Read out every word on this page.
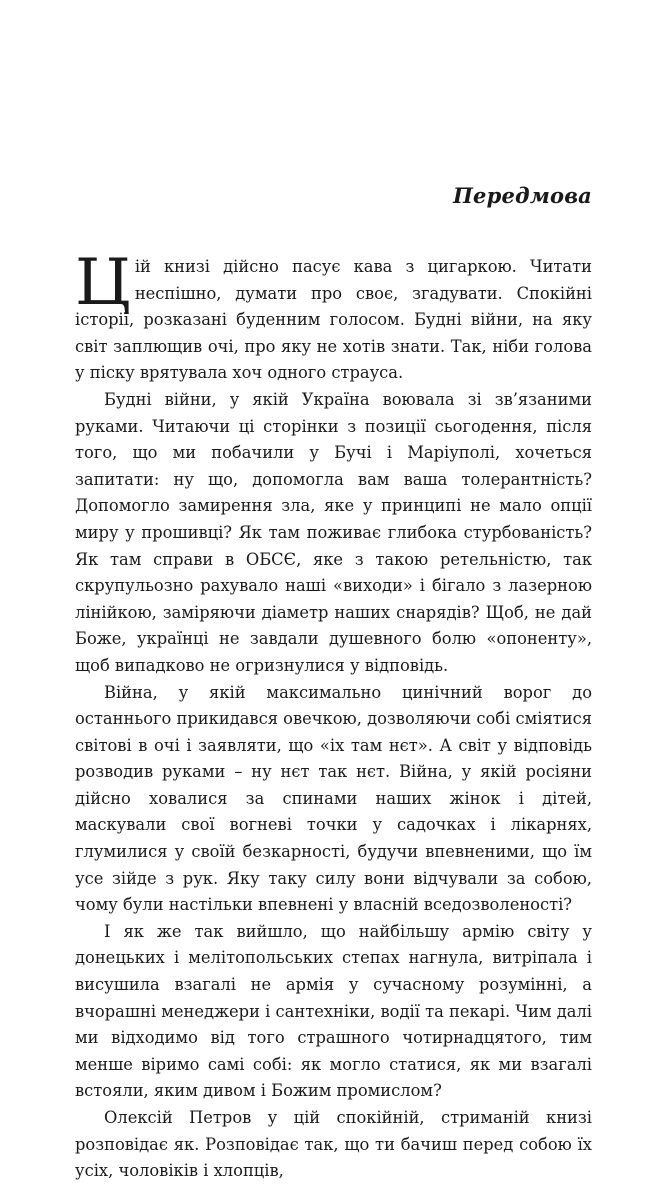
Передмова

Цій книзі дійсно пасує кава з цигаркою. Читати неспішно, думати про своє, згадувати. Спокійні історії, розказані буденним голосом. Будні війни, на яку світ заплющив очі, про яку не хотів знати. Так, ніби голова у піску врятувала хоч одного страуса.

Будні війни, у якій Україна воювала зі зв’язаними руками. Читаючи ці сторінки з позиції сьогодення, після того, що ми побачили у Бучі і Маріуполі, хочеться запитати: ну що, допомогла вам ваша толерантність? Допомогло замирення зла, яке у принципі не мало опції миру у прошивці? Як там поживає глибока стурбованість? Як там справи в ОБСЄ, яке з такою ретельністю, так скрупульозно рахувало наші «виходи» і бігало з лазерною лінійкою, заміряючи діаметр наших снарядів? Щоб, не дай Боже, українці не завдали душевного болю «опоненту», щоб випадково не огризнулися у відповідь.

Війна, у якій максимально цинічний ворог до останнього прикидався овечкою, дозволяючи собі сміятися світові в очі і заявляти, що «іх там нєт». А світ у відповідь розводив руками – ну нєт так нєт. Війна, у якій росіяни дійсно ховалися за спинами наших жінок і дітей, маскували свої вогневі точки у садочках і лікарнях, глумилися у своїй безкарності, будучи впевненими, що їм усе зійде з рук. Яку таку силу вони відчували за собою, чому були настільки впевнені у власній вседозволеності?

І як же так вийшло, що найбільшу армію світу у донецьких і мелітопольських степах нагнула, витріпала і висушила взагалі не армія у сучасному розумінні, а вчорашні менеджери і сантехніки, водії та пекарі. Чим далі ми відходимо від того страшного чотирнадцятого, тим менше віримо самі собі: як могло статися, як ми взагалі встояли, яким дивом і Божим промислом?

Олексій Петров у цій спокійній, стриманій книзі розповідає як. Розповідає так, що ти бачиш перед собою їх усіх, чоловіків і хлопців,
